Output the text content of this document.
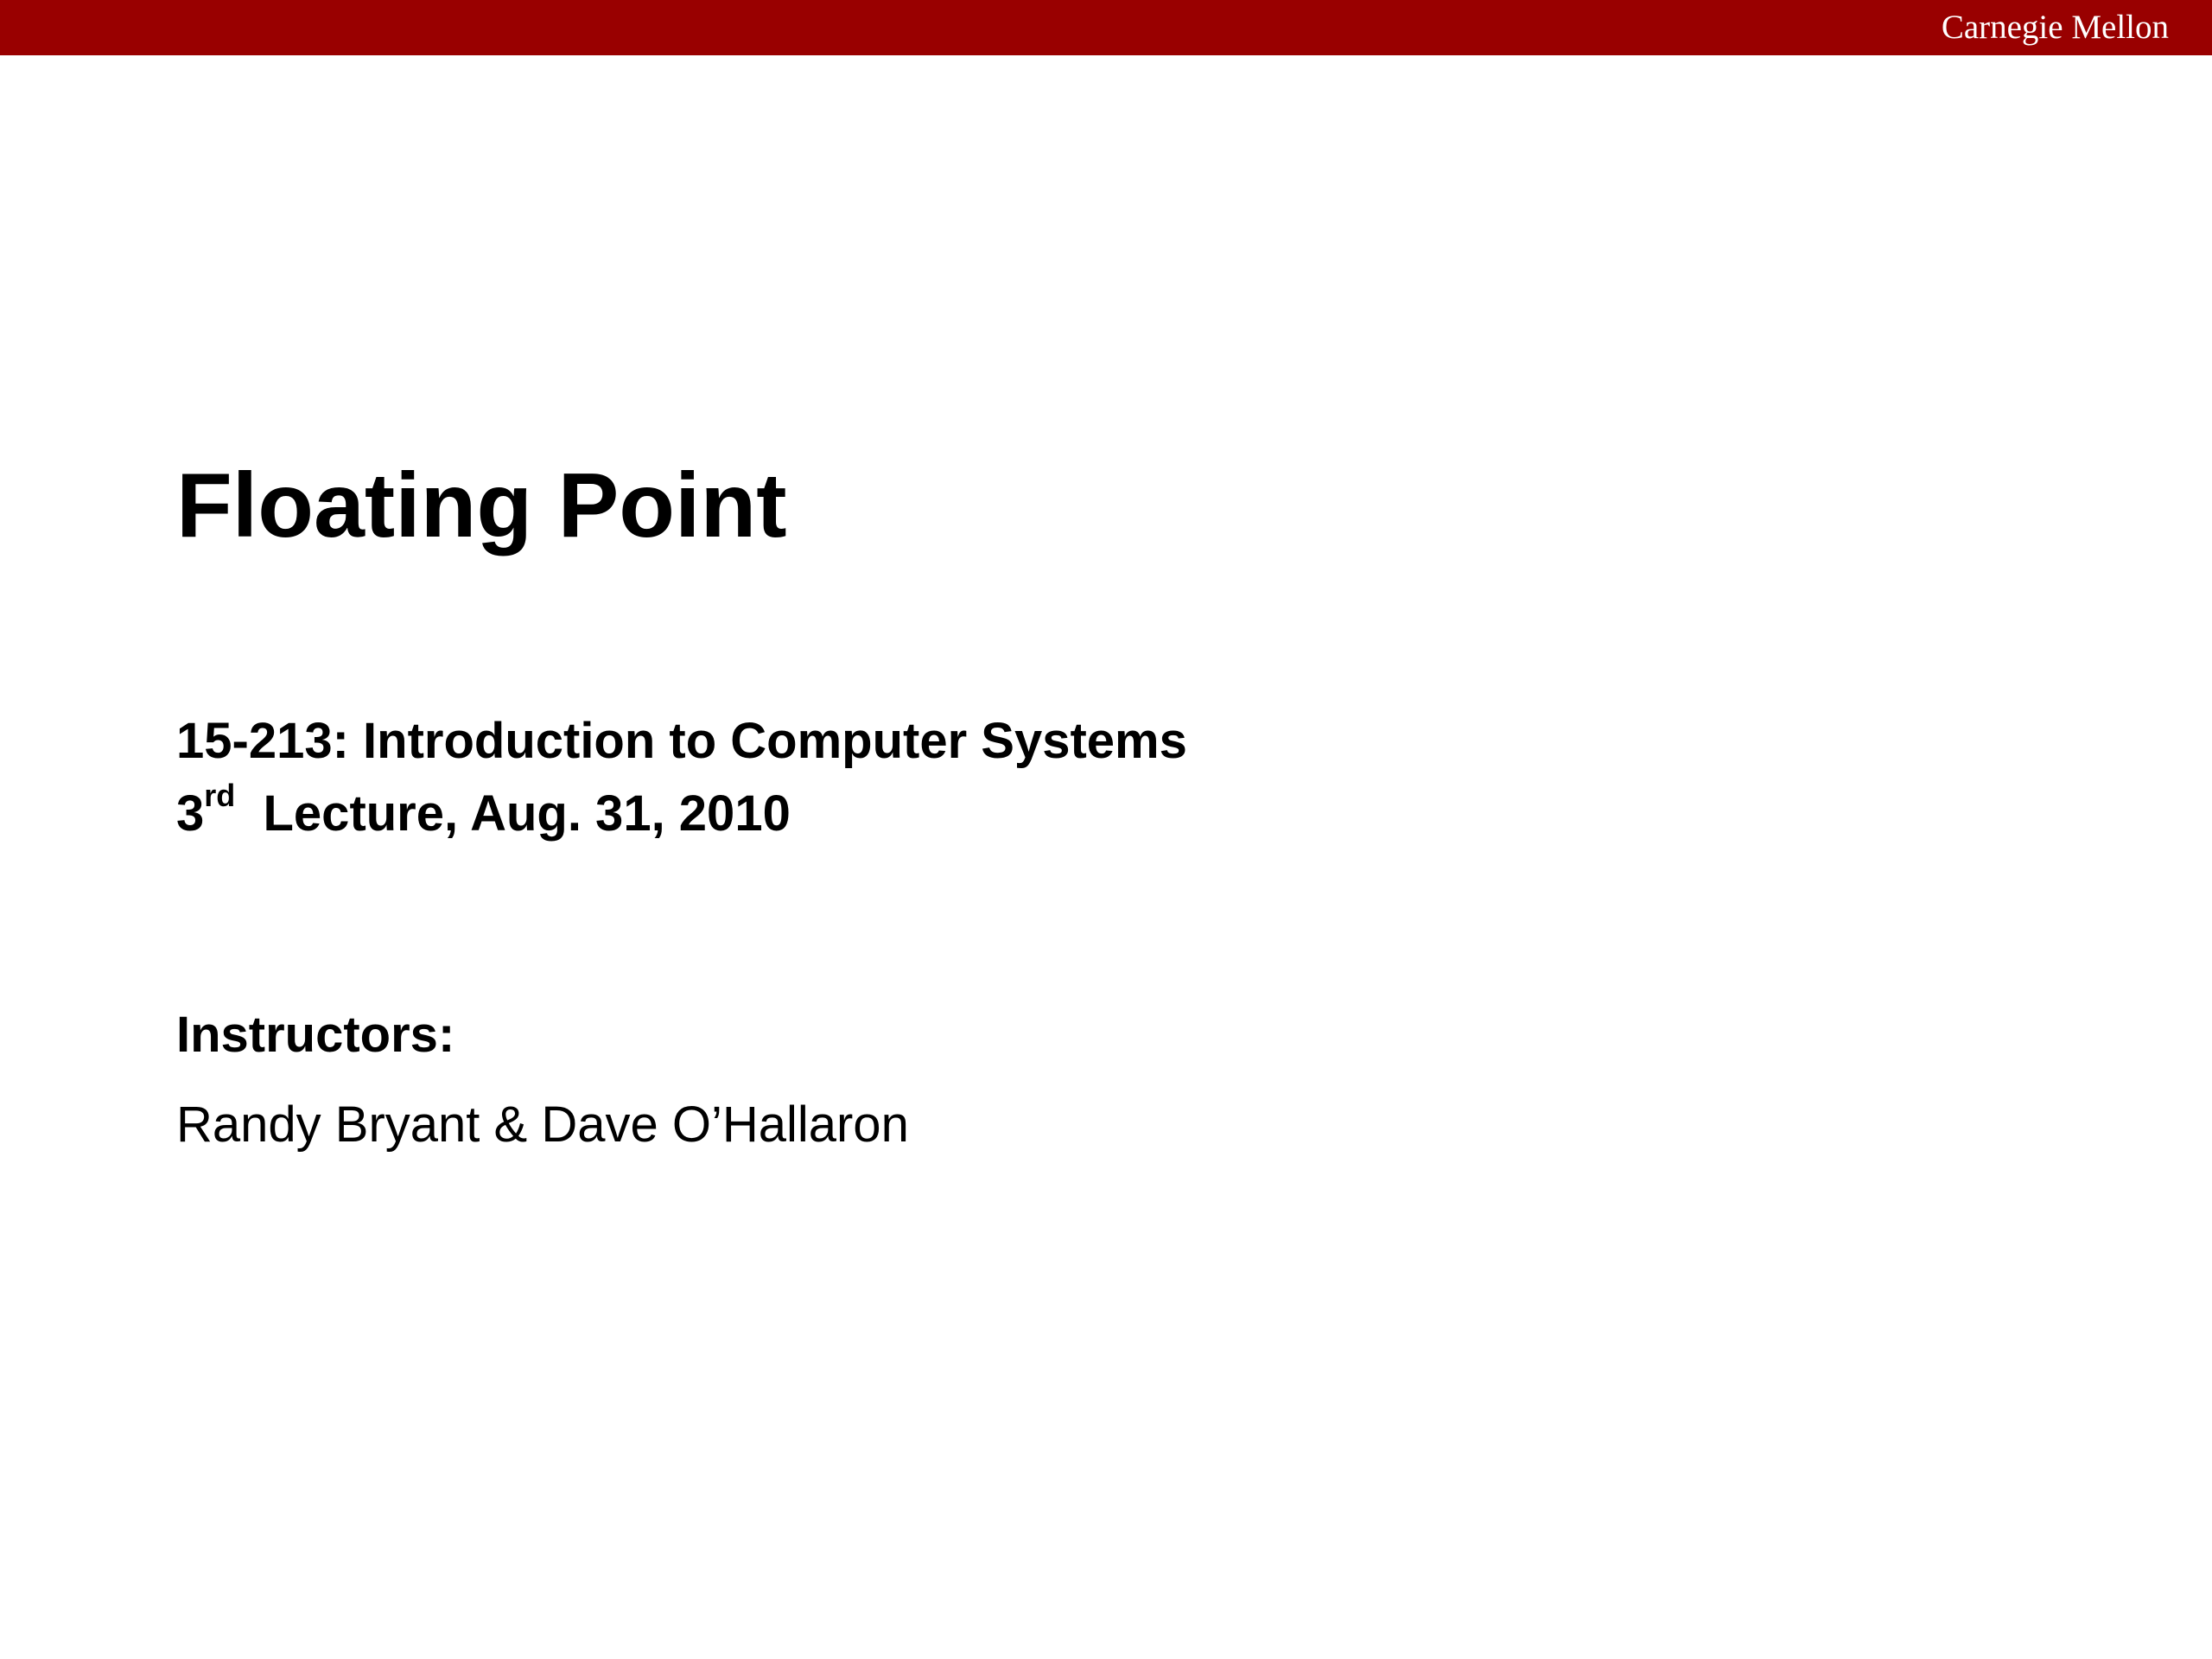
Carnegie Mellon
Floating Point
15-213: Introduction to Computer Systems
3rd Lecture, Aug. 31, 2010
Instructors:
Randy Bryant & Dave O’Hallaron
